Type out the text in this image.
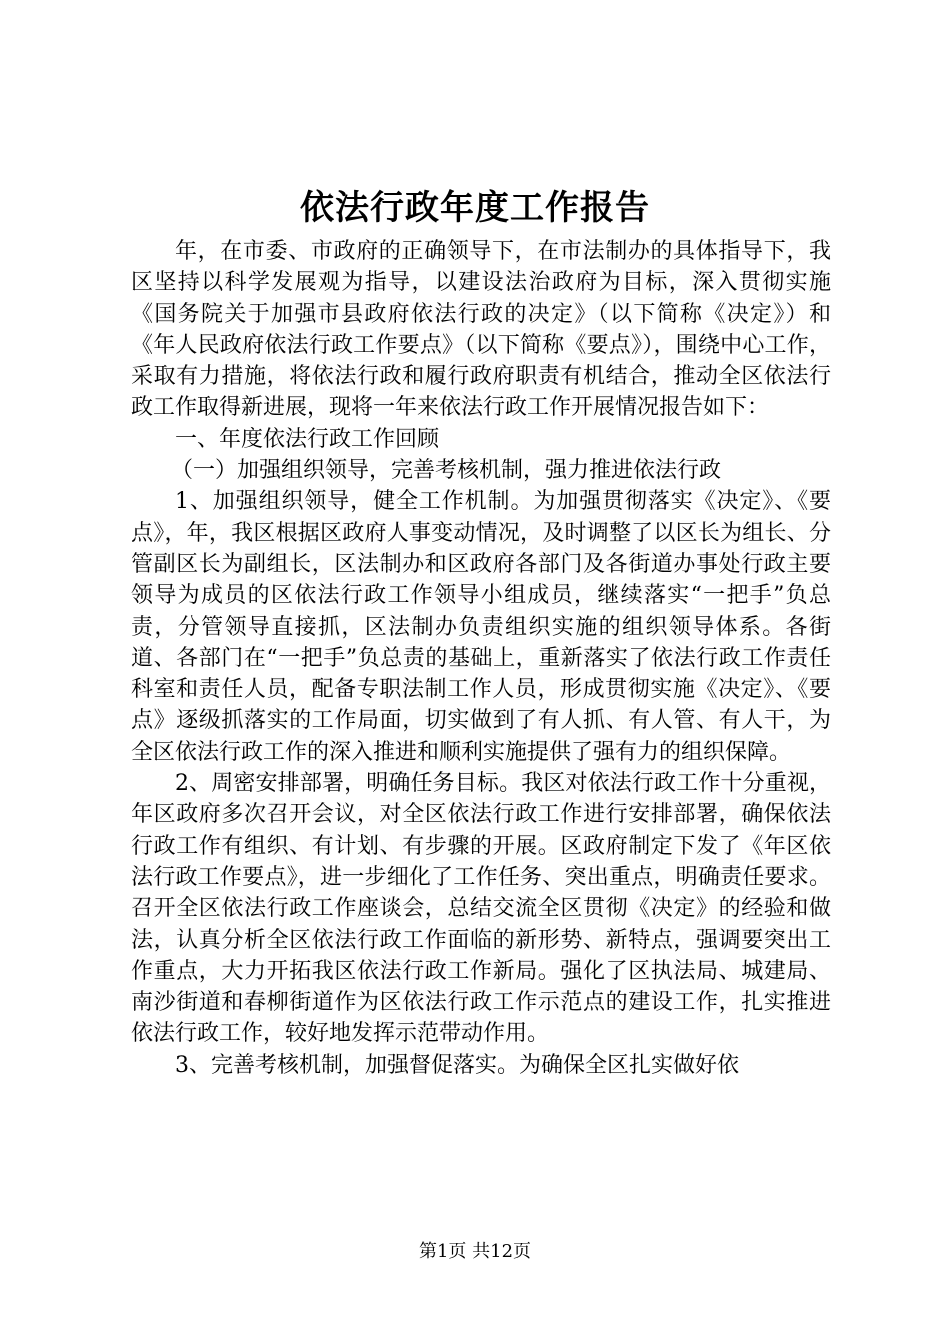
依法行政年度工作报告

年，在市委、市政府的正确领导下，在市法制办的具体指导下，我区坚持以科学发展观为指导，以建设法治政府为目标，深入贯彻实施《国务院关于加强市县政府依法行政的决定》（以下简称《决定》）和《年人民政府依法行政工作要点》（以下简称《要点》），围绕中心工作，采取有力措施，将依法行政和履行政府职责有机结合，推动全区依法行政工作取得新进展，现将一年来依法行政工作开展情况报告如下：

一、年度依法行政工作回顾

（一）加强组织领导，完善考核机制，强力推进依法行政

1、加强组织领导，健全工作机制。为加强贯彻落实《决定》、《要点》，年，我区根据区政府人事变动情况，及时调整了以区长为组长、分管副区长为副组长，区法制办和区政府各部门及各街道办事处行政主要领导为成员的区依法行政工作领导小组成员，继续落实“一把手”负总责，分管领导直接抓，区法制办负责组织实施的组织领导体系。各街道、各部门在“一把手”负总责的基础上，重新落实了依法行政工作责任科室和责任人员，配备专职法制工作人员，形成贯彻实施《决定》、《要点》逐级抓落实的工作局面，切实做到了有人抓、有人管、有人干，为全区依法行政工作的深入推进和顺利实施提供了强有力的组织保障。

2、周密安排部署，明确任务目标。我区对依法行政工作十分重视，年区政府多次召开会议，对全区依法行政工作进行安排部署，确保依法行政工作有组织、有计划、有步骤的开展。区政府制定下发了《年区依法行政工作要点》，进一步细化了工作任务、突出重点，明确责任要求。召开全区依法行政工作座谈会，总结交流全区贯彻《决定》的经验和做法，认真分析全区依法行政工作面临的新形势、新特点，强调要突出工作重点，大力开拓我区依法行政工作新局。强化了区执法局、城建局、南沙街道和春柳街道作为区依法行政工作示范点的建设工作，扎实推进依法行政工作，较好地发挥示范带动作用。

3、完善考核机制，加强督促落实。为确保全区扎实做好依

第1页 共12页
